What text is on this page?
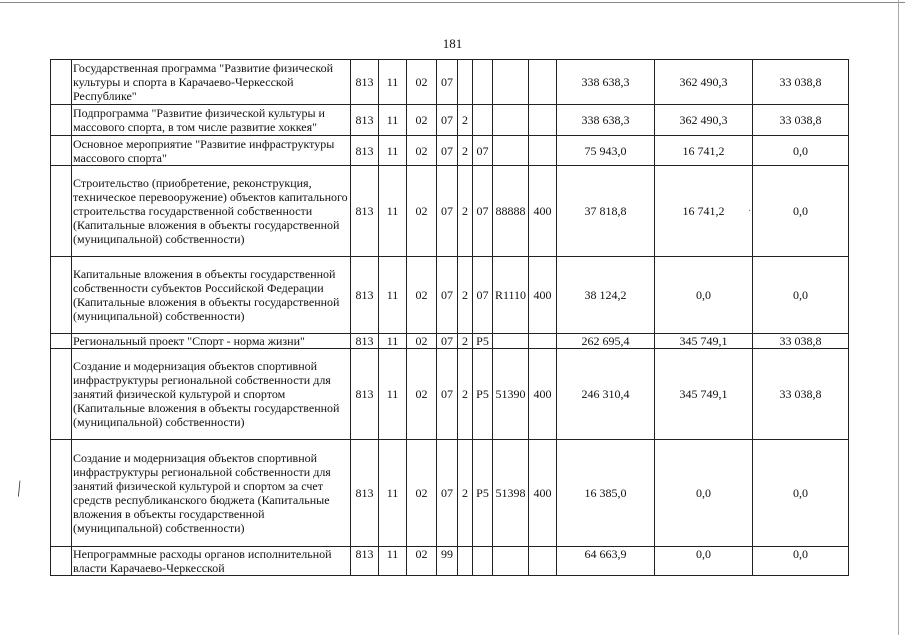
181
⁄
·
	Государственная программа "Развитие физической культуры и спорта в Карачаево-Черкесской Республике"	813	11	02	07					338 638,3	362 490,3	33 038,8
	Подпрограмма "Развитие физической культуры и массового спорта, в том числе развитие хоккея"	813	11	02	07	2				338 638,3	362 490,3	33 038,8
	Основное мероприятие "Развитие инфраструктуры массового спорта"	813	11	02	07	2	07			75 943,0	16 741,2	0,0
	Строительство (приобретение, реконструкция, техническое перевооружение) объектов капитального строительства государственной собственности (Капитальные вложения в объекты государственной (муниципальной) собственности)	813	11	02	07	2	07	88888	400	37 818,8	16 741,2	0,0
	Капитальные вложения в объекты государственной собственности субъектов Российской Федерации (Капитальные вложения в объекты государственной (муниципальной) собственности)	813	11	02	07	2	07	R1110	400	38 124,2	0,0	0,0
	Региональный проект "Спорт - норма жизни"	813	11	02	07	2	P5			262 695,4	345 749,1	33 038,8
	Создание и модернизация объектов спортивной инфраструктуры региональной собственности для занятий физической культурой и спортом (Капитальные вложения в объекты государственной (муниципальной) собственности)	813	11	02	07	2	P5	51390	400	246 310,4	345 749,1	33 038,8
	Создание и модернизация объектов спортивной инфраструктуры региональной собственности для занятий физической культурой и спортом за счет средств республиканского бюджета (Капитальные вложения в объекты государственной (муниципальной) собственности)	813	11	02	07	2	P5	51398	400	16 385,0	0,0	0,0
	Непрограммные расходы органов исполнительной власти Карачаево-Черкесской	813	11	02	99					64 663,9	0,0	0,0
